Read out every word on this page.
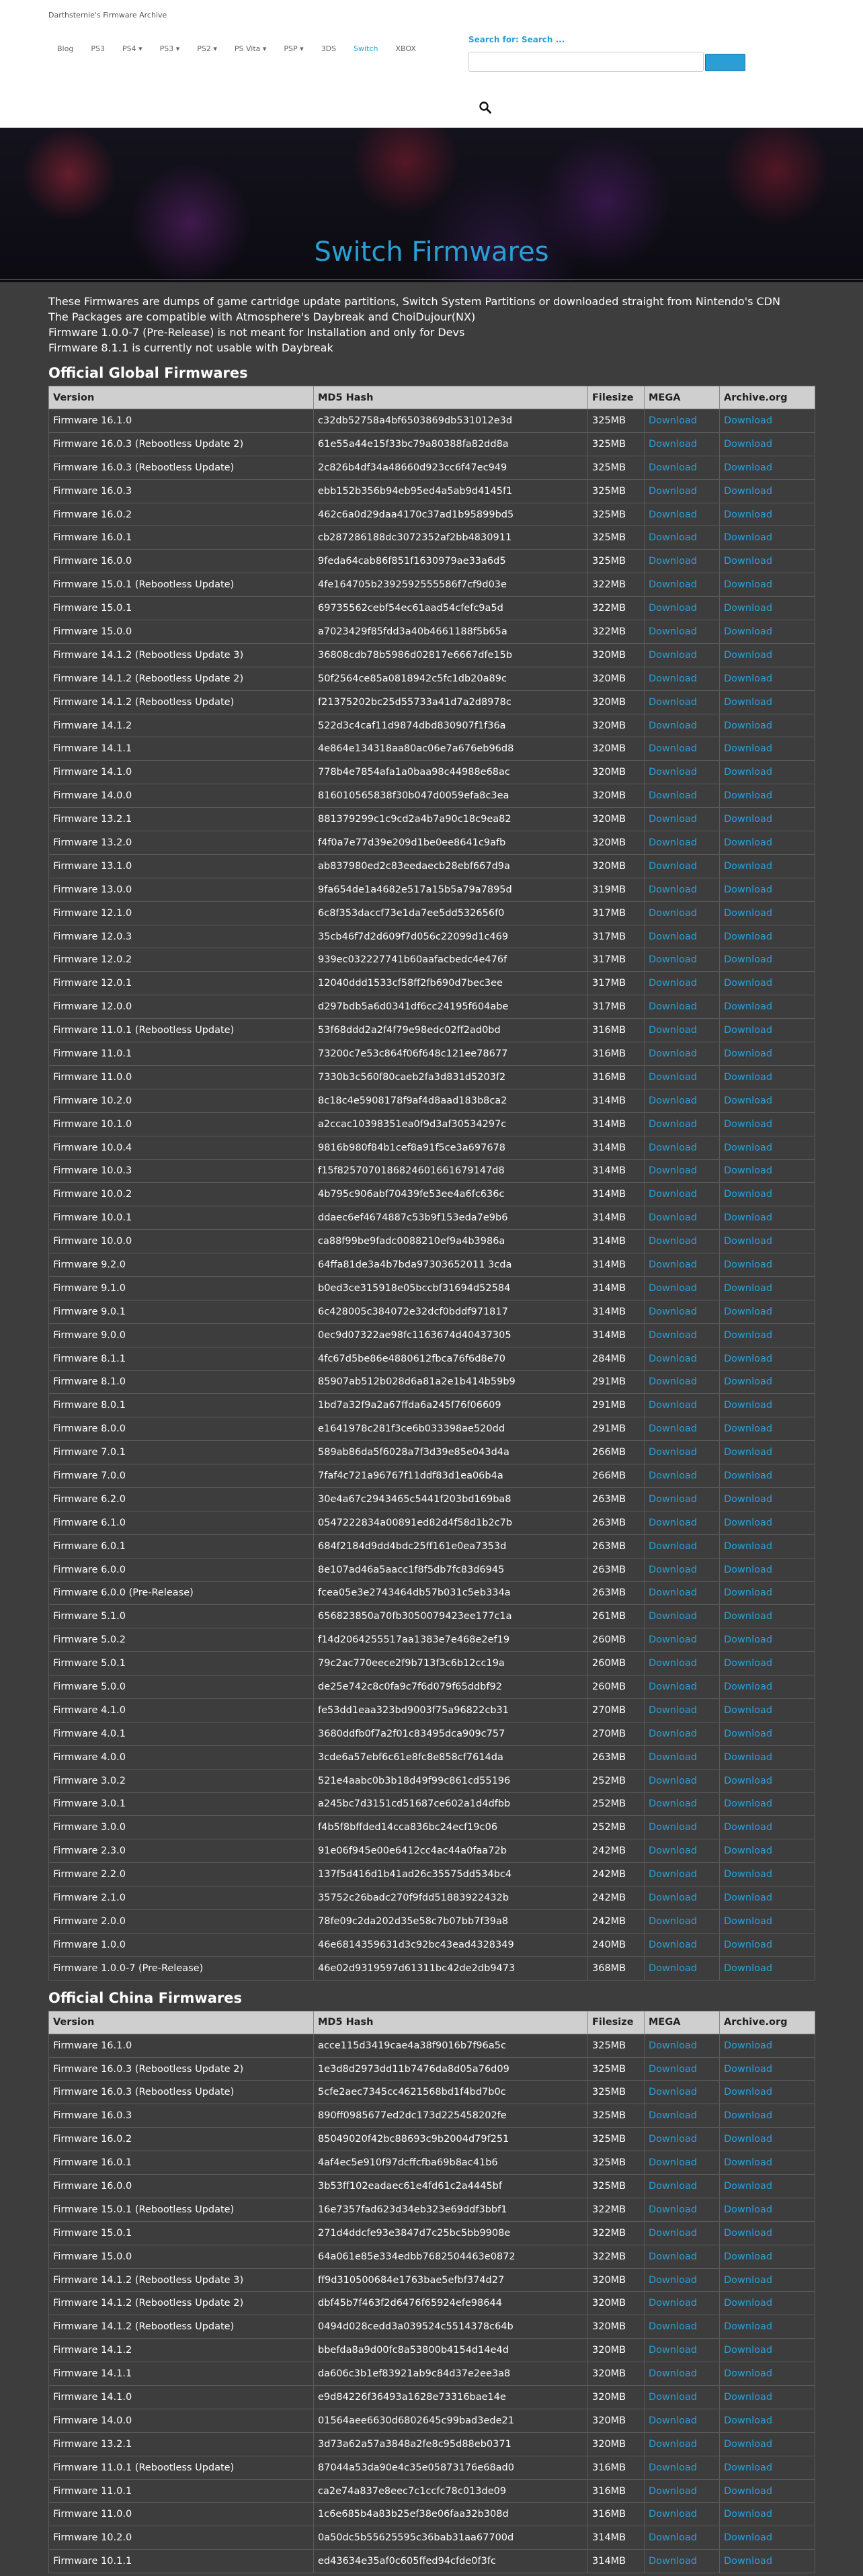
Darthsternie's Firmware Archive
Blog	PS3	PS4 ▾	PS3 ▾	PS2 ▾	PS Vita ▾	PSP ▾	3DS	Switch	XBOX
Search for: Search ...
Switch Firmwares

These Firmwares are dumps of game cartridge update partitions, Switch System Partitions or downloaded straight from Nintendo's CDN

The Packages are compatible with Atmosphere's Daybreak and ChoiDujour(NX)

Firmware 1.0.0-7 (Pre-Release) is not meant for Installation and only for Devs

Firmware 8.1.1 is currently not usable with Daybreak

Official Global Firmwares
Version	MD5 Hash	Filesize	MEGA	Archive.org
Firmware 16.1.0	c32db52758a4bf6503869db531012e3d	325MB	Download	Download
Firmware 16.0.3 (Rebootless Update 2)	61e55a44e15f33bc79a80388fa82dd8a	325MB	Download	Download
Firmware 16.0.3 (Rebootless Update)	2c826b4df34a48660d923cc6f47ec949	325MB	Download	Download
Firmware 16.0.3	ebb152b356b94eb95ed4a5ab9d4145f1	325MB	Download	Download
Firmware 16.0.2	462c6a0d29daa4170c37ad1b95899bd5	325MB	Download	Download
Firmware 16.0.1	cb287286188dc3072352af2bb4830911	325MB	Download	Download
Firmware 16.0.0	9feda64cab86f851f1630979ae33a6d5	325MB	Download	Download
Firmware 15.0.1 (Rebootless Update)	4fe164705b2392592555586f7cf9d03e	322MB	Download	Download
Firmware 15.0.1	69735562cebf54ec61aad54cfefc9a5d	322MB	Download	Download
Firmware 15.0.0	a7023429f85fdd3a40b4661188f5b65a	322MB	Download	Download
Firmware 14.1.2 (Rebootless Update 3)	36808cdb78b5986d02817e6667dfe15b	320MB	Download	Download
Firmware 14.1.2 (Rebootless Update 2)	50f2564ce85a0818942c5fc1db20a89c	320MB	Download	Download
Firmware 14.1.2 (Rebootless Update)	f21375202bc25d55733a41d7a2d8978c	320MB	Download	Download
Firmware 14.1.2	522d3c4caf11d9874dbd830907f1f36a	320MB	Download	Download
Firmware 14.1.1	4e864e134318aa80ac06e7a676eb96d8	320MB	Download	Download
Firmware 14.1.0	778b4e7854afa1a0baa98c44988e68ac	320MB	Download	Download
Firmware 14.0.0	816010565838f30b047d0059efa8c3ea	320MB	Download	Download
Firmware 13.2.1	881379299c1c9cd2a4b7a90c18c9ea82	320MB	Download	Download
Firmware 13.2.0	f4f0a7e77d39e209d1be0ee8641c9afb	320MB	Download	Download
Firmware 13.1.0	ab837980ed2c83eedaecb28ebf667d9a	320MB	Download	Download
Firmware 13.0.0	9fa654de1a4682e517a15b5a79a7895d	319MB	Download	Download
Firmware 12.1.0	6c8f353daccf73e1da7ee5dd532656f0	317MB	Download	Download
Firmware 12.0.3	35cb46f7d2d609f7d056c22099d1c469	317MB	Download	Download
Firmware 12.0.2	939ec032227741b60aafacbedc4e476f	317MB	Download	Download
Firmware 12.0.1	12040ddd1533cf58ff2fb690d7bec3ee	317MB	Download	Download
Firmware 12.0.0	d297bdb5a6d0341df6cc24195f604abe	317MB	Download	Download
Firmware 11.0.1 (Rebootless Update)	53f68ddd2a2f4f79e98edc02ff2ad0bd	316MB	Download	Download
Firmware 11.0.1	73200c7e53c864f06f648c121ee78677	316MB	Download	Download
Firmware 11.0.0	7330b3c560f80caeb2fa3d831d5203f2	316MB	Download	Download
Firmware 10.2.0	8c18c4e5908178f9af4d8aad183b8ca2	314MB	Download	Download
Firmware 10.1.0	a2ccac10398351ea0f9d3af30534297c	314MB	Download	Download
Firmware 10.0.4	9816b980f84b1cef8a91f5ce3a697678	314MB	Download	Download
Firmware 10.0.3	f15f8257070186824601661679147d8	314MB	Download	Download
Firmware 10.0.2	4b795c906abf70439fe53ee4a6fc636c	314MB	Download	Download
Firmware 10.0.1	ddaec6ef4674887c53b9f153eda7e9b6	314MB	Download	Download
Firmware 10.0.0	ca88f99be9fadc0088210ef9a4b3986a	314MB	Download	Download
Firmware 9.2.0	64ffa81de3a4b7bda97303652011 3cda	314MB	Download	Download
Firmware 9.1.0	b0ed3ce315918e05bccbf31694d52584	314MB	Download	Download
Firmware 9.0.1	6c428005c384072e32dcf0bddf971817	314MB	Download	Download
Firmware 9.0.0	0ec9d07322ae98fc1163674d40437305	314MB	Download	Download
Firmware 8.1.1	4fc67d5be86e4880612fbca76f6d8e70	284MB	Download	Download
Firmware 8.1.0	85907ab512b028d6a81a2e1b414b59b9	291MB	Download	Download
Firmware 8.0.1	1bd7a32f9a2a67ffda6a245f76f06609	291MB	Download	Download
Firmware 8.0.0	e1641978c281f3ce6b033398ae520dd	291MB	Download	Download
Firmware 7.0.1	589ab86da5f6028a7f3d39e85e043d4a	266MB	Download	Download
Firmware 7.0.0	7faf4c721a96767f11ddf83d1ea06b4a	266MB	Download	Download
Firmware 6.2.0	30e4a67c2943465c5441f203bd169ba8	263MB	Download	Download
Firmware 6.1.0	0547222834a00891ed82d4f58d1b2c7b	263MB	Download	Download
Firmware 6.0.1	684f2184d9dd4bdc25ff161e0ea7353d	263MB	Download	Download
Firmware 6.0.0	8e107ad46a5aacc1f8f5db7fc83d6945	263MB	Download	Download
Firmware 6.0.0 (Pre-Release)	fcea05e3e2743464db57b031c5eb334a	263MB	Download	Download
Firmware 5.1.0	656823850a70fb3050079423ee177c1a	261MB	Download	Download
Firmware 5.0.2	f14d2064255517aa1383e7e468e2ef19	260MB	Download	Download
Firmware 5.0.1	79c2ac770eece2f9b713f3c6b12cc19a	260MB	Download	Download
Firmware 5.0.0	de25e742c8c0fa9c7f6d079f65ddbf92	260MB	Download	Download
Firmware 4.1.0	fe53dd1eaa323bd9003f75a96822cb31	270MB	Download	Download
Firmware 4.0.1	3680ddfb0f7a2f01c83495dca909c757	270MB	Download	Download
Firmware 4.0.0	3cde6a57ebf6c61e8fc8e858cf7614da	263MB	Download	Download
Firmware 3.0.2	521e4aabc0b3b18d49f99c861cd55196	252MB	Download	Download
Firmware 3.0.1	a245bc7d3151cd51687ce602a1d4dfbb	252MB	Download	Download
Firmware 3.0.0	f4b5f8bffded14cca836bc24ecf19c06	252MB	Download	Download
Firmware 2.3.0	91e06f945e00e6412cc4ac44a0faa72b	242MB	Download	Download
Firmware 2.2.0	137f5d416d1b41ad26c35575dd534bc4	242MB	Download	Download
Firmware 2.1.0	35752c26badc270f9fdd51883922432b	242MB	Download	Download
Firmware 2.0.0	78fe09c2da202d35e58c7b07bb7f39a8	242MB	Download	Download
Firmware 1.0.0	46e6814359631d3c92bc43ead4328349	240MB	Download	Download
Firmware 1.0.0-7 (Pre-Release)	46e02d9319597d61311bc42de2db9473	368MB	Download	Download
Official China Firmwares
Version	MD5 Hash	Filesize	MEGA	Archive.org
Firmware 16.1.0	acce115d3419cae4a38f9016b7f96a5c	325MB	Download	Download
Firmware 16.0.3 (Rebootless Update 2)	1e3d8d2973dd11b7476da8d05a76d09	325MB	Download	Download
Firmware 16.0.3 (Rebootless Update)	5cfe2aec7345cc4621568bd1f4bd7b0c	325MB	Download	Download
Firmware 16.0.3	890ff0985677ed2dc173d225458202fe	325MB	Download	Download
Firmware 16.0.2	85049020f42bc88693c9b2004d79f251	325MB	Download	Download
Firmware 16.0.1	4af4ec5e910f97dcffcfba69b8ac41b6	325MB	Download	Download
Firmware 16.0.0	3b53ff102eadaec61e4fd61c2a4445bf	325MB	Download	Download
Firmware 15.0.1 (Rebootless Update)	16e7357fad623d34eb323e69ddf3bbf1	322MB	Download	Download
Firmware 15.0.1	271d4ddcfe93e3847d7c25bc5bb9908e	322MB	Download	Download
Firmware 15.0.0	64a061e85e334edbb7682504463e0872	322MB	Download	Download
Firmware 14.1.2 (Rebootless Update 3)	ff9d310500684e1763bae5efbf374d27	320MB	Download	Download
Firmware 14.1.2 (Rebootless Update 2)	dbf45b7f463f2d6476f65924efe98644	320MB	Download	Download
Firmware 14.1.2 (Rebootless Update)	0494d028cedd3a039524c5514378c64b	320MB	Download	Download
Firmware 14.1.2	bbefda8a9d00fc8a53800b4154d14e4d	320MB	Download	Download
Firmware 14.1.1	da606c3b1ef83921ab9c84d37e2ee3a8	320MB	Download	Download
Firmware 14.1.0	e9d84226f36493a1628e73316bae14e	320MB	Download	Download
Firmware 14.0.0	01564aee6630d6802645c99bad3ede21	320MB	Download	Download
Firmware 13.2.1	3d73a62a57a3848a2fe8c95d88eb0371	320MB	Download	Download
Firmware 11.0.1 (Rebootless Update)	87044a53da90e4c35e05873176e68ad0	316MB	Download	Download
Firmware 11.0.1	ca2e74a837e8eec7c1ccfc78c013de09	316MB	Download	Download
Firmware 11.0.0	1c6e685b4a83b25ef38e06faa32b308d	316MB	Download	Download
Firmware 10.2.0	0a50dc5b55625595c36bab31aa67700d	314MB	Download	Download
Firmware 10.1.1	ed43634e35af0c605ffed94cfde0f3fc	314MB	Download	Download
